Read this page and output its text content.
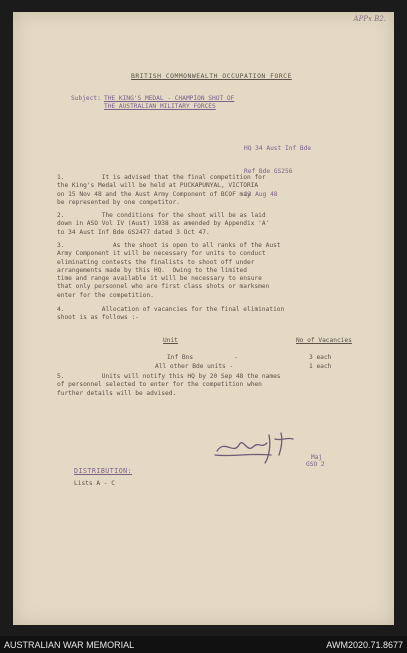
APPx B2.
BRITISH COMMONWEALTH OCCUPATION FORCE
Subject: THE KING'S MEDAL - CHAMPION SHOT OF
THE AUSTRALIAN MILITARY FORCES

HQ 34 Aust Inf Bde

Ref Bde GS256

13 Aug 48

1.	It is advised that the final competition for
the King's Medal will be held at PUCKAPUNYAL, VICTORIA
on 15 Nov 48 and the Aust Army Component of BCOF may
be represented by one competitor.
2.	The conditions for the shoot will be as laid
down in ASO Vol IV (Aust) 1938 as amended by Appendix 'A'
to 34 Aust Inf Bde GS2477 dated 3 Oct 47.
3.	As the shoot is open to all ranks of the Aust
Army Component it will be necessary for units to conduct
eliminating contests the finalists to shoot off under
arrangements made by this HQ.  Owing to the limited
time and range available it will be necessary to ensure
that only personnel who are first class shots or marksmen
enter for the competition.
4.	Allocation of vacancies for the final elimination
shoot is as follows :-
Unit	No of Vacancies
Inf Bns           -	3 each
All other Bde units -	1 each
5.	Units will notify this HQ by 20 Sep 48 the names
of personnel selected to enter for the competition when
further details will be advised.
Maj
GSO 2
DISTRIBUTION:
Lists A - C
AUSTRALIAN WAR MEMORIAL	AWM2020.71.8677
